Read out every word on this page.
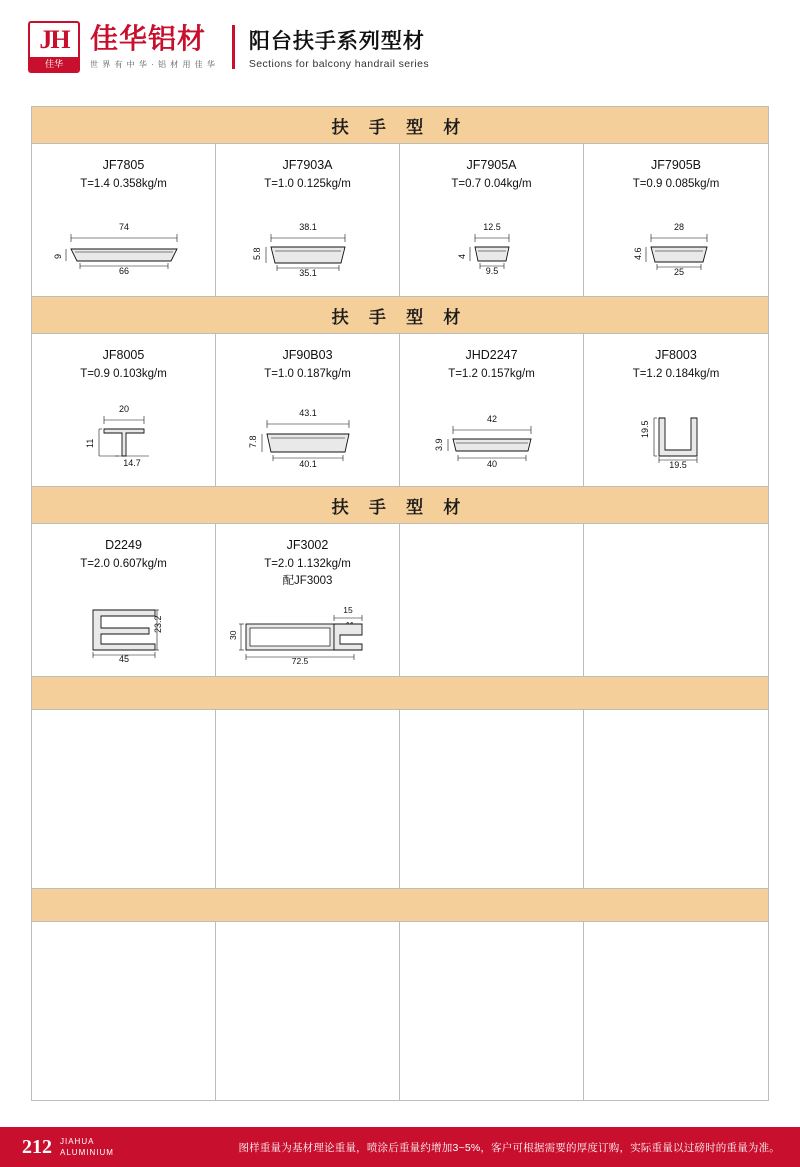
JH
佳华
佳华铝材
世 界 有 中 华 · 铝 材 用 佳 华
阳台扶手系列型材
Sections for balcony handrail series
扶 手 型 材
JF7805
T=1.4 0.358kg/m
74
9
66
JF7903A
T=1.0 0.125kg/m
38.1
5.8
35.1
JF7905A
T=0.7 0.04kg/m
12.5
4
9.5
JF7905B
T=0.9 0.085kg/m
28
4.6
25
扶 手 型 材
JF8005
T=0.9 0.103kg/m
20
11
14.7
JF90B03
T=1.0 0.187kg/m
43.1
7.8
40.1
JHD2247
T=1.2 0.157kg/m
42
3.9
40
JF8003
T=1.2 0.184kg/m
19.5
19.5
扶 手 型 材
D2249
T=2.0 0.607kg/m
23.2
45
JF3002
T=2.0 1.132kg/m
配JF3003
15
30
72.5
212 JIAHUA
ALUMINIUM	图样重量为基材理论重量，喷涂后重量约增加3~5%，客户可根据需要的厚度订购，实际重量以过磅时的重量为准。
